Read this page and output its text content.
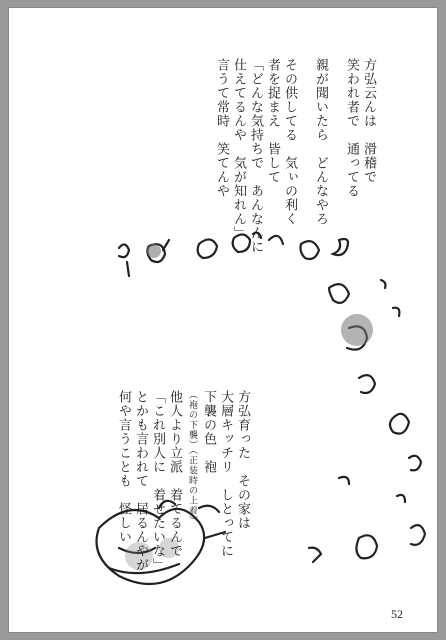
方弘云んは　滑稽で
笑われ者で　通ってる
親が聞いたら　どんなやろ
その供してる　気ぃの利く
者を捉まえ　皆して
「どんな気持ちで　あんなんに
仕えてるんや　気が知れん」
言うて常時　笑てんや
方弘育った　その家は
大層キッチリ　しとってに
下襲の色　袍
（袍の下襲）（正装時の上着）
他人より立派　着てるんで
「これ別人に　着せたいな」
とかも言われて　居るんやが
何や言うことも　怪しい
52
